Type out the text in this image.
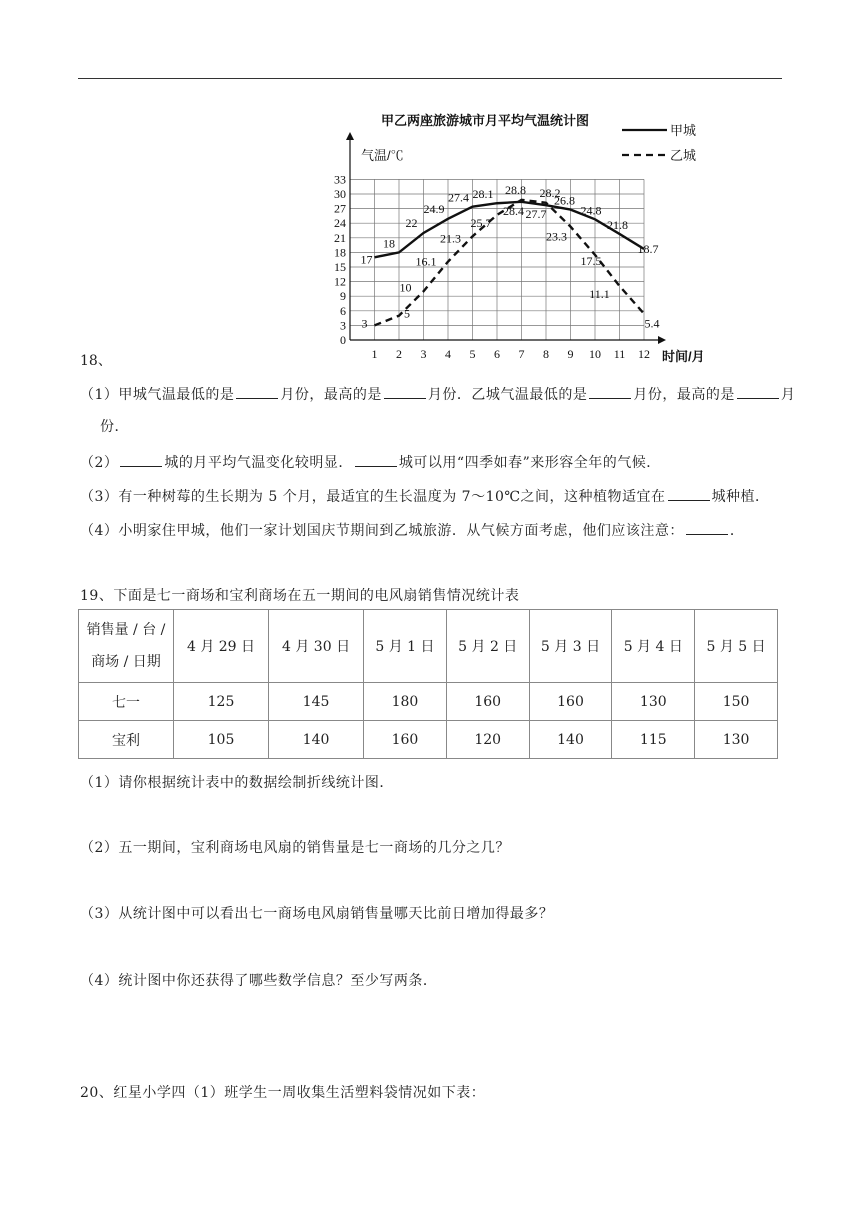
甲乙两座旅游城市月平均气温统计图
甲城
乙城
气温/℃
时间/月
0
3
6
9
12
15
18
21
24
27
30
33
1 2 3 4 5 6 7 8 9 10 11 12
17
18
22
24.9
27.4 28.1
28.4 27.7
26.8
24.8
21.8
18.7
3
5
10
16.1
21.3
25.7
28.8 28.2
23.3
17.5
11.1
5.4
18、
（1）甲城气温最低的是	月份，最高的是	月份．乙城气温最低的是	月份，最高的是	月
份．
（2）	城的月平均气温变化较明显．	城可以用“四季如春”来形容全年的气候．
（3）有一种树莓的生长期为 5 个月，最适宜的生长温度为 7～10℃之间，这种植物适宜在	城种植．
（4）小明家住甲城，他们一家计划国庆节期间到乙城旅游．从气候方面考虑，他们应该注意：	．
19、下面是七一商场和宝利商场在五一期间的电风扇销售情况统计表
销售量 / 台 /
商场 / 日期	4 月 29 日	4 月 30 日	5 月 1 日	5 月 2 日	5 月 3 日	5 月 4 日	5 月 5 日
七一	125	145	180	160	160	130	150
宝利	105	140	160	120	140	115	130
（1）请你根据统计表中的数据绘制折线统计图．
（2）五一期间，宝利商场电风扇的销售量是七一商场的几分之几？
（3）从统计图中可以看出七一商场电风扇销售量哪天比前日增加得最多？
（4）统计图中你还获得了哪些数学信息？至少写两条．
20、红星小学四（1）班学生一周收集生活塑料袋情况如下表：
